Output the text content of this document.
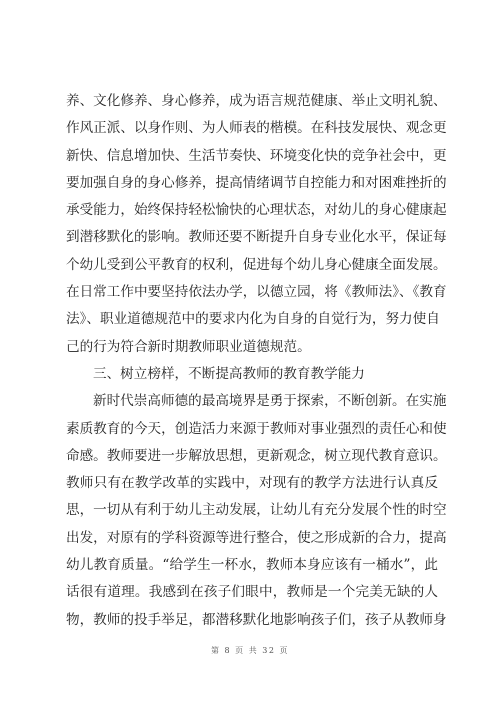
养、文化修养、身心修养，成为语言规范健康、举止文明礼貌、
作风正派、以身作则、为人师表的楷模。在科技发展快、观念更
新快、信息增加快、生活节奏快、环境变化快的竞争社会中，更
要加强自身的身心修养，提高情绪调节自控能力和对困难挫折的
承受能力，始终保持轻松愉快的心理状态，对幼儿的身心健康起
到潜移默化的影响。教师还要不断提升自身专业化水平，保证每
个幼儿受到公平教育的权利，促进每个幼儿身心健康全面发展。
在日常工作中要坚持依法办学，以德立园，将《教师法》、《教育
法》、职业道德规范中的要求内化为自身的自觉行为，努力使自
己的行为符合新时期教师职业道德规范。
三、树立榜样，不断提高教师的教育教学能力
新时代崇高师德的最高境界是勇于探索，不断创新。在实施
素质教育的今天，创造活力来源于教师对事业强烈的责任心和使
命感。教师要进一步解放思想，更新观念，树立现代教育意识。
教师只有在教学改革的实践中，对现有的教学方法进行认真反
思，一切从有利于幼儿主动发展，让幼儿有充分发展个性的时空
出发，对原有的学科资源等进行整合，使之形成新的合力，提高
幼儿教育质量。“给学生一杯水，教师本身应该有一桶水”，此
话很有道理。我感到在孩子们眼中，教师是一个完美无缺的人
物，教师的投手举足，都潜移默化地影响孩子们，孩子从教师身
第 8 页 共 32 页
